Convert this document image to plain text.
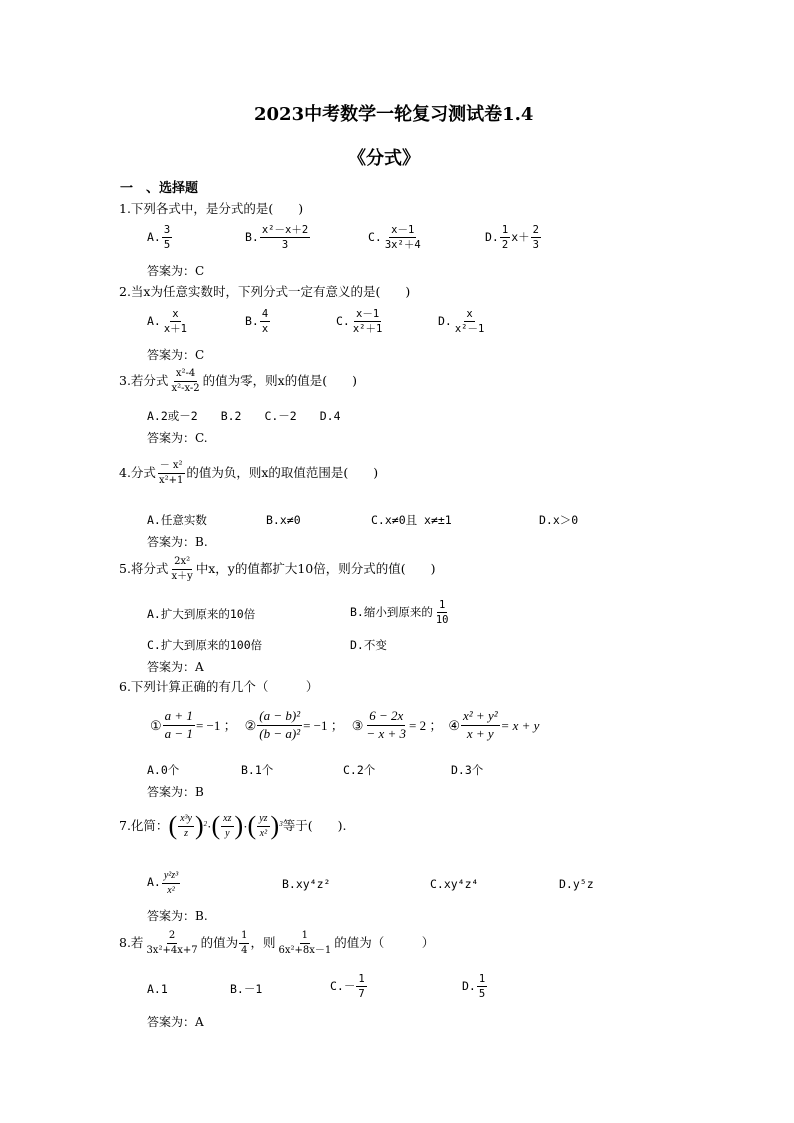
2023中考数学一轮复习测试卷1.4
《分式》
一　、选择题
1.下列各式中，是分式的是(　　)
A. $\frac{3}{5}$	B. $\frac{\text{x²－x＋2}}{3}$	C. $\frac{x-1}{\text{3x²＋4}}$	D. $\frac{1}{2} x+ \frac{2}{3}$
答案为：C
2.当x为任意实数时，下列分式一定有意义的是(　　)
A. $\frac{x}{x+1}$	B. $\frac{4}{x}$	C. $\frac{x-1}{\text{x²＋1}}$	D. $\frac{x}{\text{x²－1}}$
答案为：C
3.若分式 $\frac{\text{x²-4}}{\text{x²-x-2}}$ 的值为零，则x的值是(　　)
A.2或－2　　B.2　　C.－2　　D.4
答案为：C.
4.分式 $\frac{\text{－ x²}}{\text{x²+1}}$ 的值为负，则x的取值范围是(　　)
A.任意实数	B.x≠0	C.x≠0且 x≠±1	D.x＞0
答案为：B.
5.将分式 $\frac{\text{2x²}}{x+y}$ 中x，y的值都扩大10倍，则分式的值(　　)
A.扩大到原来的10倍	B.缩小到原来的 $\frac{1}{10}$
C.扩大到原来的100倍	D.不变
答案为：A
6.下列计算正确的有几个（　　　）
① $\frac{a + 1}{a - 1} = -1$ ； ② $\frac{\text{(a − b)²}}{\text{(b − a)²}} = -1$ ； ③ $\frac{6 - 2x}{- x + 3} = 2$ ； ④ $\frac{\text{x² + y²}}{x + y} = x + y$
A.0个	B.1个	C.2个	D.3个
答案为：B
7.化简： ( $\frac{\text{x³y}}{z} )^2$ · ( $\frac{xz}{y}$ ) · ( $\frac{yz}{\text{x²}} )^3$ 等于(　　).
A. $\frac{\text{y²z³}}{\text{x²}}$	B.xy⁴z²	C.xy⁴z⁴	D.y⁵z
答案为：B.
8.若 $\frac{2}{\text{3x²+4x+7}}$ 的值为 $\frac{1}{4}$ ，则 $\frac{1}{\text{6x²+8x－1}}$ 的值为（　　　）
A.1	B.－1	$C.- \frac{1}{7}$	D. $\frac{1}{5}$
答案为：A
